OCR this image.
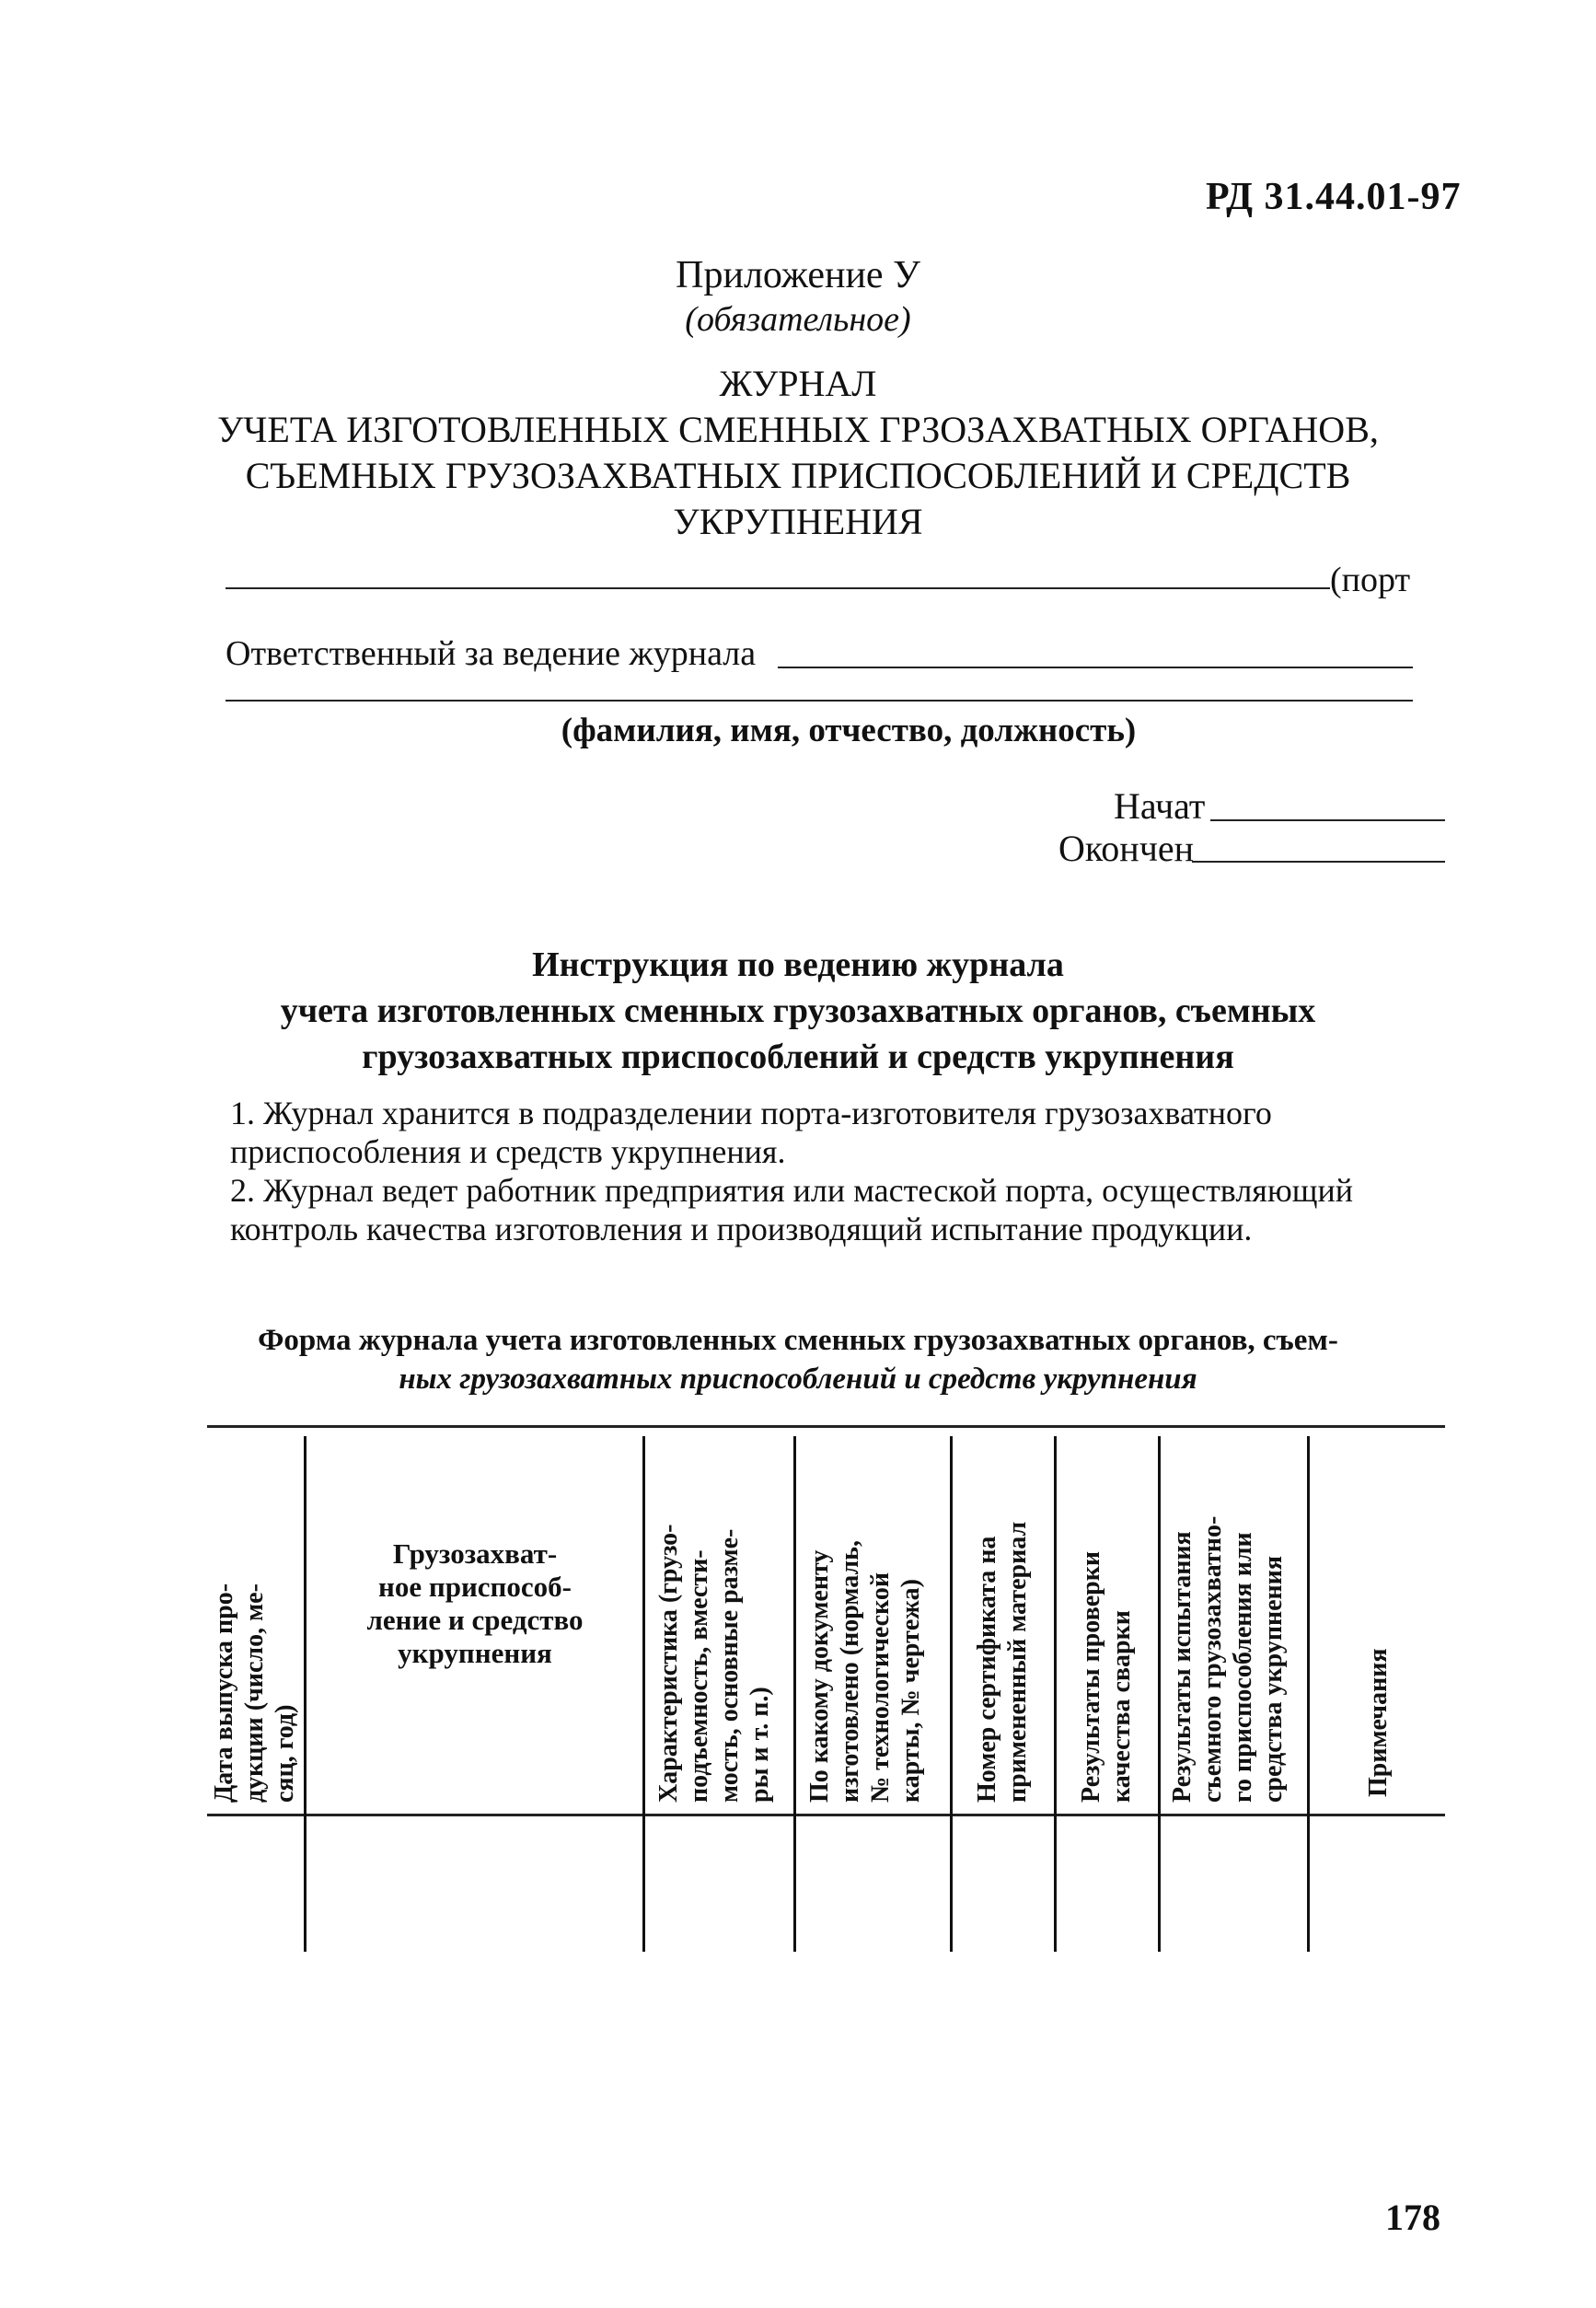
РД 31.44.01-97
Приложение У
(обязательное)
ЖУРНАЛ
УЧЕТА ИЗГОТОВЛЕННЫХ СМЕННЫХ ГРЗОЗАХВАТНЫХ ОРГАНОВ,
СЪЕМНЫХ ГРУЗОЗАХВАТНЫХ ПРИСПОСОБЛЕНИЙ И СРЕДСТВ
УКРУПНЕНИЯ
(порт
Ответственный за ведение журнала
(фамилия, имя, отчество, должность)
Начат
Окончен
Инструкция по ведению журнала
учета изготовленных сменных грузозахватных органов, съемных
грузозахватных приспособлений и средств укрупнения
1. Журнал хранится в подразделении порта-изготовителя грузозахватного приспособления и средств укрупнения.
2. Журнал ведет работник предприятия или мастеской порта, осуществляющий контроль качества изготовления и производящий испытание продукции.
Форма журнала учета изготовленных сменных грузозахватных органов, съем-
ных грузозахватных приспособлений и средств укрупнения
Дата выпуска про- дукции (число, ме- сяц, год)
Грузозахват-
ное приспособ-
ление и средство
укрупнения	Характеристика (грузо- подъемность, вмести- мость, основные разме- ры и т. п.) По какому документу изготовлено (нормаль, № технологической карты, № чертежа) Номер сертификата на примененный материал Результаты проверки качества сварки Результаты испытания съемного грузозахватно- го приспособления или средства укрупнения	Примечания
178
